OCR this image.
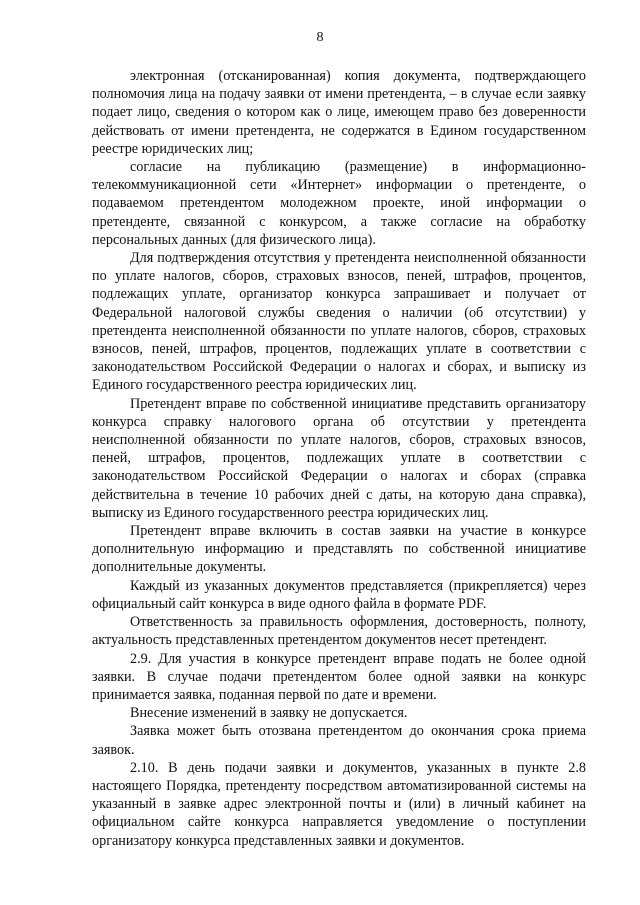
8

электронная (отсканированная) копия документа, подтверждающего полномочия лица на подачу заявки от имени претендента, – в случае если заявку подает лицо, сведения о котором как о лице, имеющем право без доверенности действовать от имени претендента, не содержатся в Едином государственном реестре юридических лиц;

согласие на публикацию (размещение) в информационно-телекоммуникационной сети «Интернет» информации о претенденте, о подаваемом претендентом молодежном проекте, иной информации о претенденте, связанной с конкурсом, а также согласие на обработку персональных данных (для физического лица).

Для подтверждения отсутствия у претендента неисполненной обязанности по уплате налогов, сборов, страховых взносов, пеней, штрафов, процентов, подлежащих уплате, организатор конкурса запрашивает и получает от Федеральной налоговой службы сведения о наличии (об отсутствии) у претендента неисполненной обязанности по уплате налогов, сборов, страховых взносов, пеней, штрафов, процентов, подлежащих уплате в соответствии с законодательством Российской Федерации о налогах и сборах, и выписку из Единого государственного реестра юридических лиц.

Претендент вправе по собственной инициативе представить организатору конкурса справку налогового органа об отсутствии у претендента неисполненной обязанности по уплате налогов, сборов, страховых взносов, пеней, штрафов, процентов, подлежащих уплате в соответствии с законодательством Российской Федерации о налогах и сборах (справка действительна в течение 10 рабочих дней с даты, на которую дана справка), выписку из Единого государственного реестра юридических лиц.

Претендент вправе включить в состав заявки на участие в конкурсе дополнительную информацию и представлять по собственной инициативе дополнительные документы.

Каждый из указанных документов представляется (прикрепляется) через официальный сайт конкурса в виде одного файла в формате PDF.

Ответственность за правильность оформления, достоверность, полноту, актуальность представленных претендентом документов несет претендент.

2.9. Для участия в конкурсе претендент вправе подать не более одной заявки. В случае подачи претендентом более одной заявки на конкурс принимается заявка, поданная первой по дате и времени.

Внесение изменений в заявку не допускается.

Заявка может быть отозвана претендентом до окончания срока приема заявок.

2.10. В день подачи заявки и документов, указанных в пункте 2.8 настоящего Порядка, претенденту посредством автоматизированной системы на указанный в заявке адрес электронной почты и (или) в личный кабинет на официальном сайте конкурса направляется уведомление о поступлении организатору конкурса представленных заявки и документов.
